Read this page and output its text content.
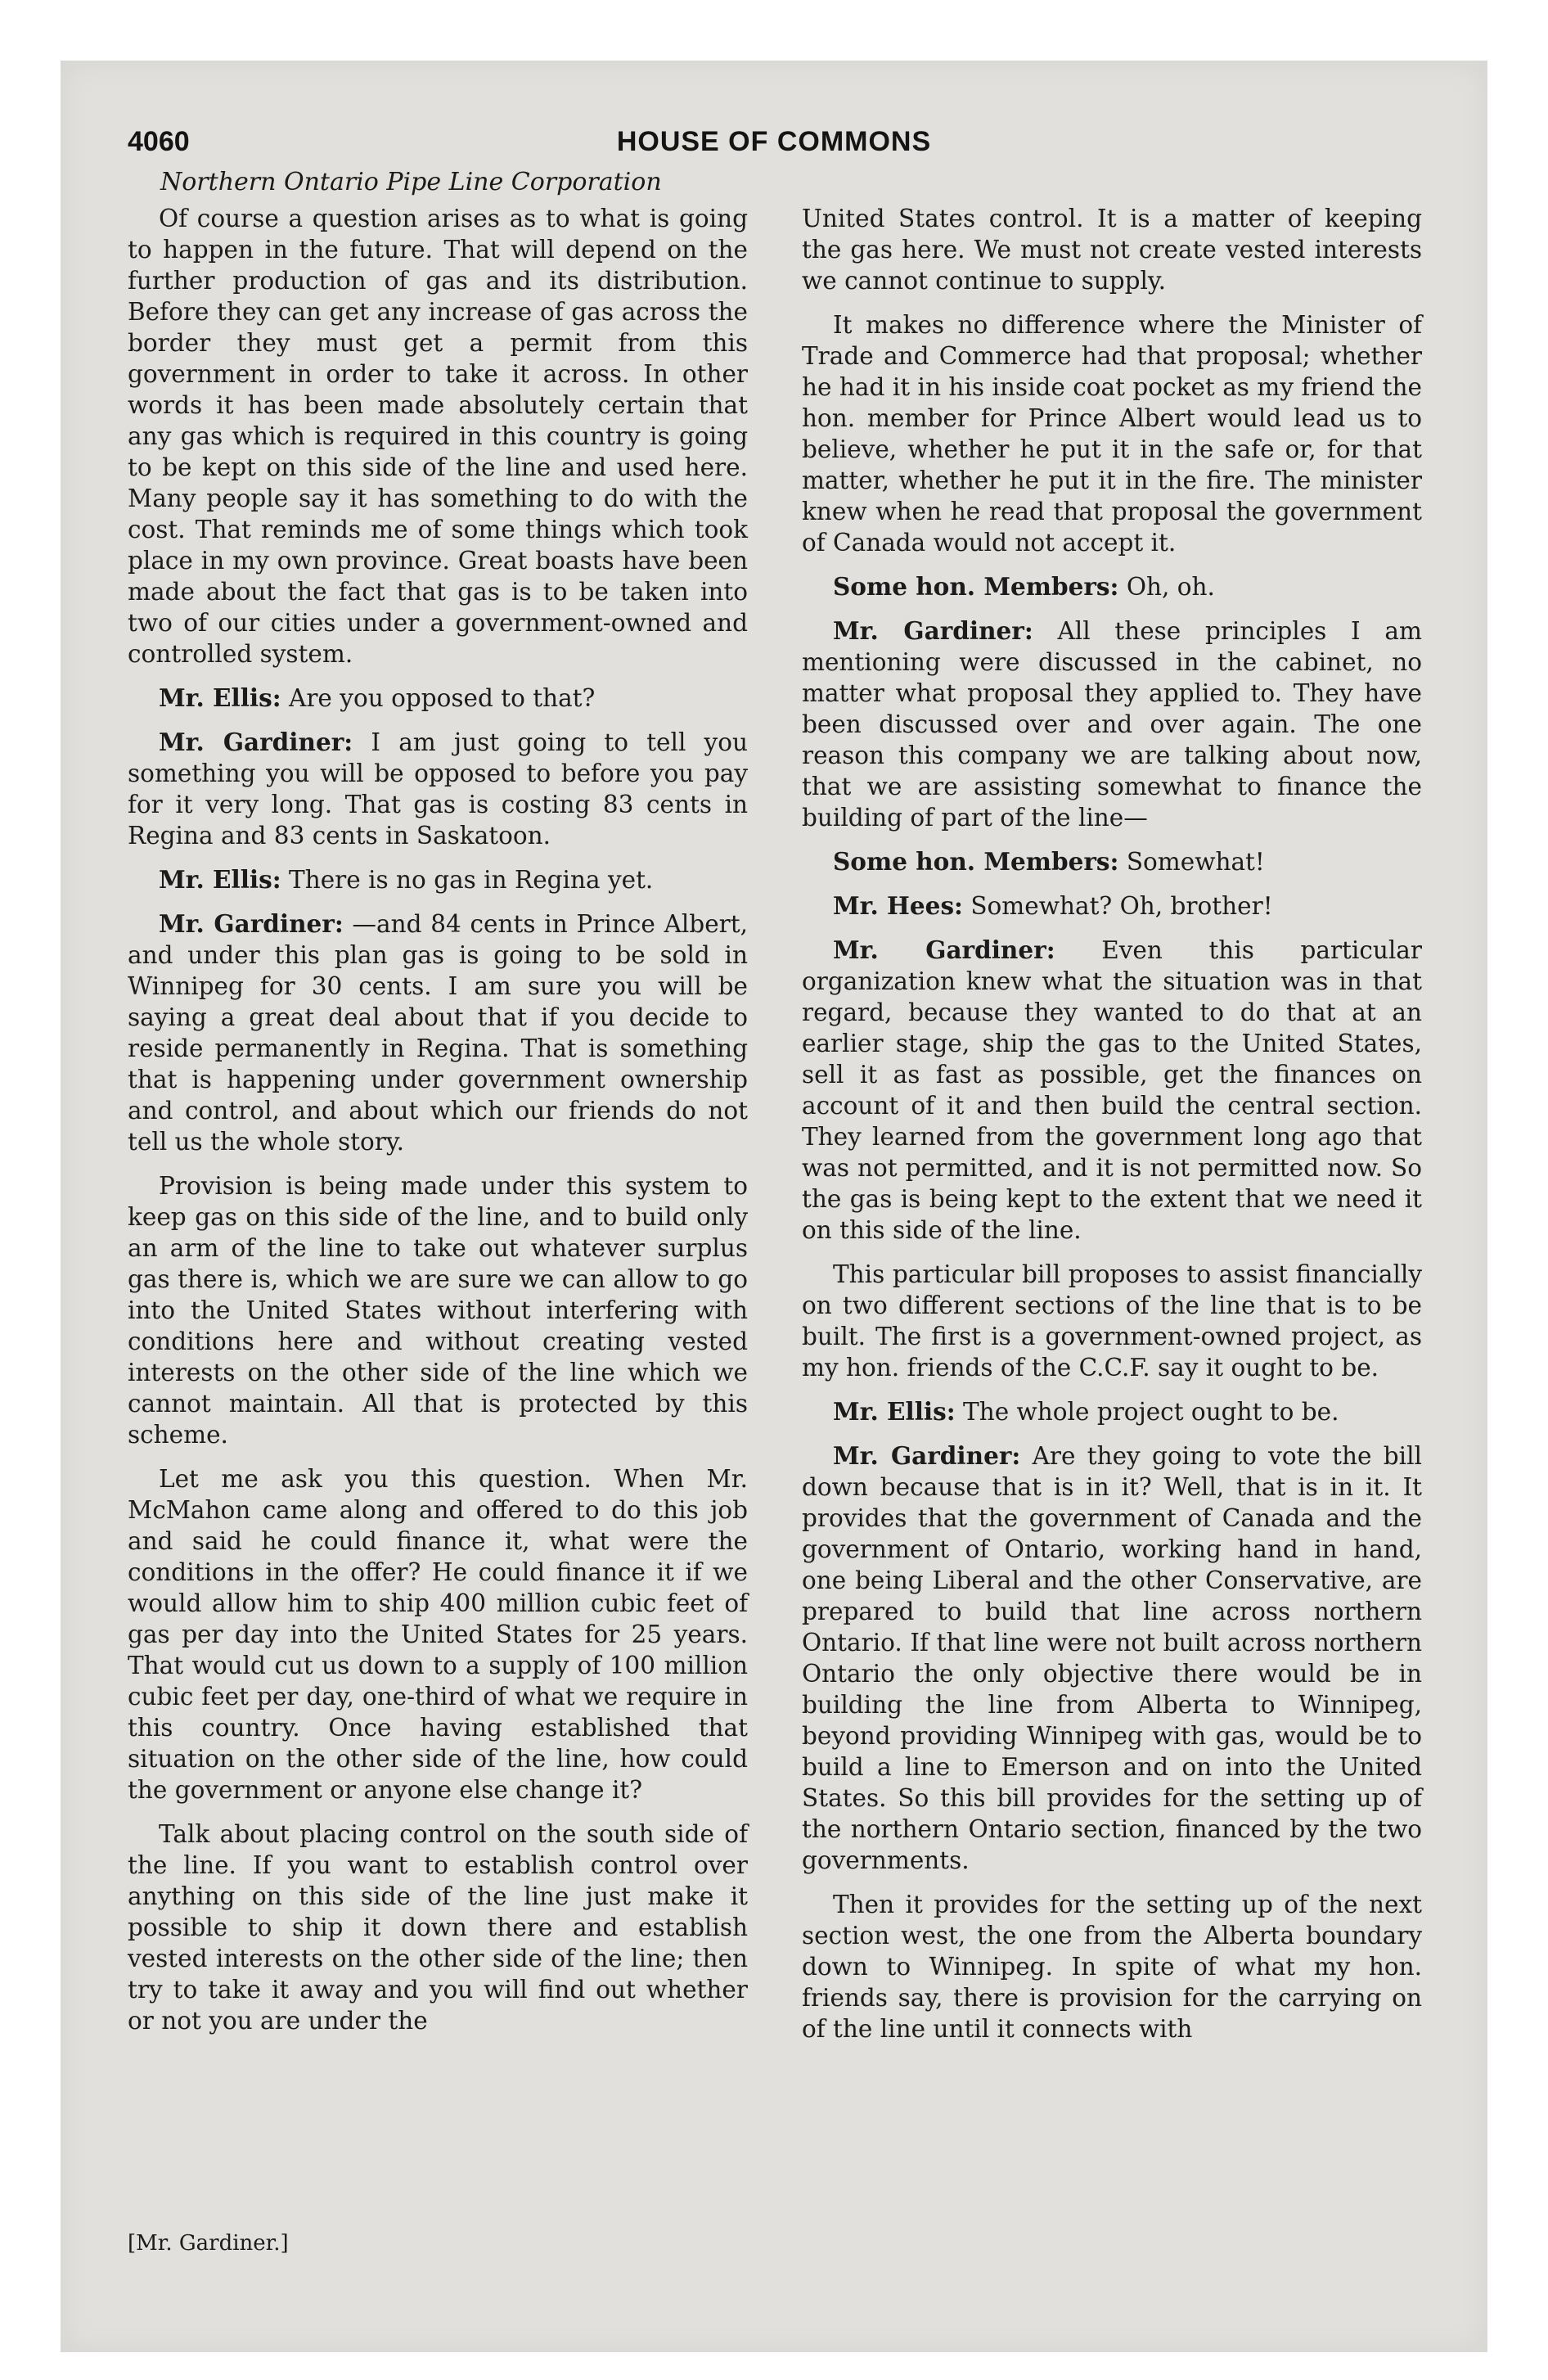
4060	HOUSE OF COMMONS
Northern Ontario Pipe Line Corporation

Of course a question arises as to what is going to happen in the future. That will depend on the further production of gas and its distribution. Before they can get any increase of gas across the border they must get a permit from this government in order to take it across. In other words it has been made absolutely certain that any gas which is required in this country is going to be kept on this side of the line and used here. Many people say it has something to do with the cost. That reminds me of some things which took place in my own province. Great boasts have been made about the fact that gas is to be taken into two of our cities under a government-owned and controlled system.

Mr. Ellis: Are you opposed to that?

Mr. Gardiner: I am just going to tell you something you will be opposed to before you pay for it very long. That gas is costing 83 cents in Regina and 83 cents in Saskatoon.

Mr. Ellis: There is no gas in Regina yet.

Mr. Gardiner: —and 84 cents in Prince Albert, and under this plan gas is going to be sold in Winnipeg for 30 cents. I am sure you will be saying a great deal about that if you decide to reside permanently in Regina. That is something that is happening under government ownership and control, and about which our friends do not tell us the whole story.

Provision is being made under this system to keep gas on this side of the line, and to build only an arm of the line to take out whatever surplus gas there is, which we are sure we can allow to go into the United States without interfering with conditions here and without creating vested interests on the other side of the line which we cannot maintain. All that is protected by this scheme.

Let me ask you this question. When Mr. McMahon came along and offered to do this job and said he could finance it, what were the conditions in the offer? He could finance it if we would allow him to ship 400 million cubic feet of gas per day into the United States for 25 years. That would cut us down to a supply of 100 million cubic feet per day, one-third of what we require in this country. Once having established that situation on the other side of the line, how could the government or anyone else change it?

Talk about placing control on the south side of the line. If you want to establish control over anything on this side of the line just make it possible to ship it down there and establish vested interests on the other side of the line; then try to take it away and you will find out whether or not you are under the

United States control. It is a matter of keeping the gas here. We must not create vested interests we cannot continue to supply.

It makes no difference where the Minister of Trade and Commerce had that proposal; whether he had it in his inside coat pocket as my friend the hon. member for Prince Albert would lead us to believe, whether he put it in the safe or, for that matter, whether he put it in the fire. The minister knew when he read that proposal the government of Canada would not accept it.

Some hon. Members: Oh, oh.

Mr. Gardiner: All these principles I am mentioning were discussed in the cabinet, no matter what proposal they applied to. They have been discussed over and over again. The one reason this company we are talking about now, that we are assisting somewhat to finance the building of part of the line—

Some hon. Members: Somewhat!

Mr. Hees: Somewhat? Oh, brother!

Mr. Gardiner: Even this particular organization knew what the situation was in that regard, because they wanted to do that at an earlier stage, ship the gas to the United States, sell it as fast as possible, get the finances on account of it and then build the central section. They learned from the government long ago that was not permitted, and it is not permitted now. So the gas is being kept to the extent that we need it on this side of the line.

This particular bill proposes to assist financially on two different sections of the line that is to be built. The first is a government-owned project, as my hon. friends of the C.C.F. say it ought to be.

Mr. Ellis: The whole project ought to be.

Mr. Gardiner: Are they going to vote the bill down because that is in it? Well, that is in it. It provides that the government of Canada and the government of Ontario, working hand in hand, one being Liberal and the other Conservative, are prepared to build that line across northern Ontario. If that line were not built across northern Ontario the only objective there would be in building the line from Alberta to Winnipeg, beyond providing Winnipeg with gas, would be to build a line to Emerson and on into the United States. So this bill provides for the setting up of the northern Ontario section, financed by the two governments.

Then it provides for the setting up of the next section west, the one from the Alberta boundary down to Winnipeg. In spite of what my hon. friends say, there is provision for the carrying on of the line until it connects with

[Mr. Gardiner.]
